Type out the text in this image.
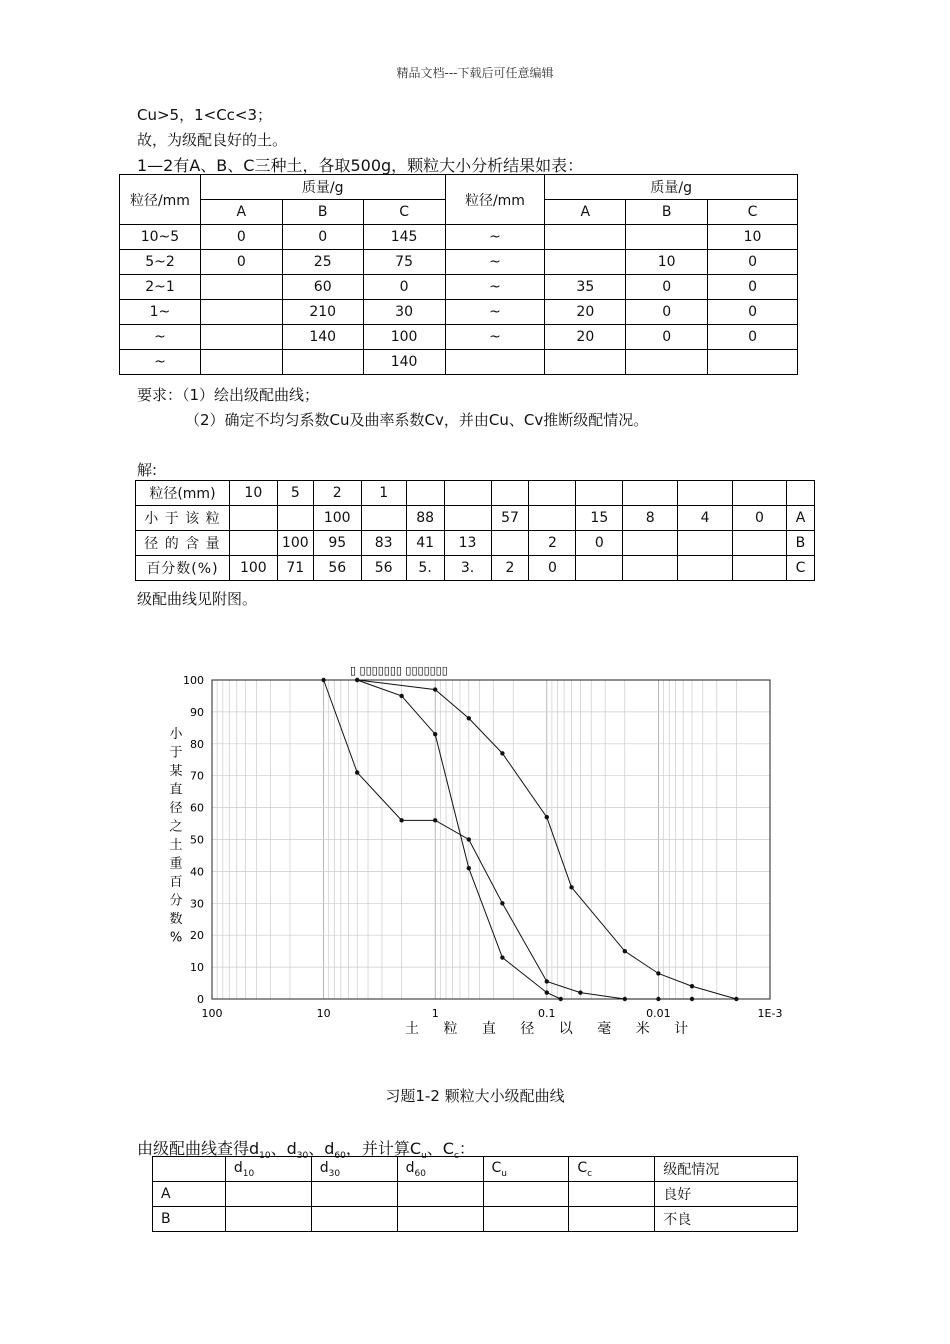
精品文档---下载后可任意编辑
Cu>5，1<Cc<3；
故，为级配良好的土。
1—2有A、B、C三种土，各取500g，颗粒大小分析结果如表：
粒径/mm	质量/g			粒径/mm	质量/g		
	A	B	C		A	B	C
10~5	0	0	145	~			10
5~2	0	25	75	~		10	0
2~1		60	0	~	35	0	0
1~		210	30	~	20	0	0
~		140	100	~	20	0	0
~			140				
要求：（1）绘出级配曲线；
（2）确定不均匀系数Cu及曲率系数Cv，并由Cu、Cv推断级配情况。
解:
粒径(mm)	10	5	2	1									
小 于 该 粒			100		88		57		15	8	4	0	A
径 的 含 量		100	95	83	41	13		2	0				B
百分数(%)	100	71	56	56	5.	3.	2	0					C
级配曲线见附图。
▯ ▯▯▯▯▯▯▯ ▯▯▯▯▯▯▯
0
10
20
30
40
50
60
70
80
90
100
100	10	1	0.1	0.01	1E-3
小
于
某
直
径
之
土
重
百
分
数
%
土 粒 直 径 以 毫 米 计
习题1-2 颗粒大小级配曲线
由级配曲线查得$d_{10}$、$d_{30}$、$d_{60}$，并计算$C_u$、$C_c$：
	$d_{10}$	$d_{30}$	$d_{60}$	$C_u$	$C_c$	级配情况
A						良好
B						不良
